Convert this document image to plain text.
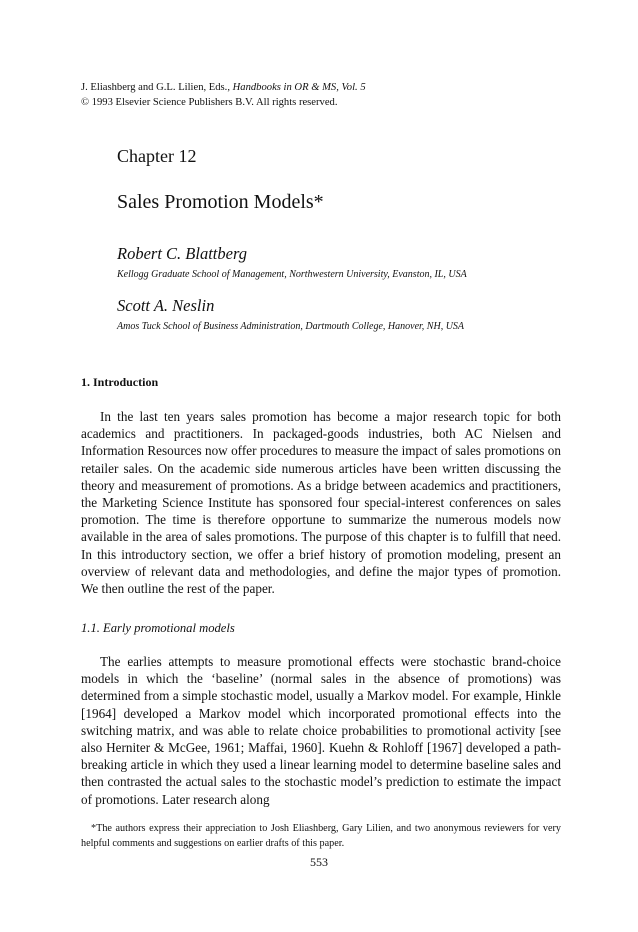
J. Eliashberg and G.L. Lilien, Eds., Handbooks in OR & MS, Vol. 5
© 1993 Elsevier Science Publishers B.V. All rights reserved.
Chapter 12
Sales Promotion Models*
Robert C. Blattberg
Kellogg Graduate School of Management, Northwestern University, Evanston, IL, USA
Scott A. Neslin
Amos Tuck School of Business Administration, Dartmouth College, Hanover, NH, USA
1. Introduction

In the last ten years sales promotion has become a major research topic for both academics and practitioners. In packaged-goods industries, both AC Nielsen and Information Resources now offer procedures to measure the impact of sales promotions on retailer sales. On the academic side numerous articles have been written discussing the theory and measurement of promotions. As a bridge between academics and practitioners, the Marketing Science Institute has sponsored four special-interest conferences on sales promotion. The time is therefore opportune to summarize the numerous models now available in the area of sales promotions. The purpose of this chapter is to fulfill that need. In this introductory section, we offer a brief history of promotion modeling, present an overview of relevant data and methodologies, and define the major types of promotion. We then outline the rest of the paper.

1.1. Early promotional models

The earlies attempts to measure promotional effects were stochastic brand-choice models in which the ‘baseline’ (normal sales in the absence of promotions) was determined from a simple stochastic model, usually a Markov model. For example, Hinkle [1964] developed a Markov model which incorporated promotional effects into the switching matrix, and was able to relate choice probabilities to promotional activity [see also Herniter & McGee, 1961; Maffai, 1960]. Kuehn & Rohloff [1967] developed a path-breaking article in which they used a linear learning model to determine baseline sales and then contrasted the actual sales to the stochastic model’s prediction to estimate the impact of promotions. Later research along

*The authors express their appreciation to Josh Eliashberg, Gary Lilien, and two anonymous reviewers for very helpful comments and suggestions on earlier drafts of this paper.

553
